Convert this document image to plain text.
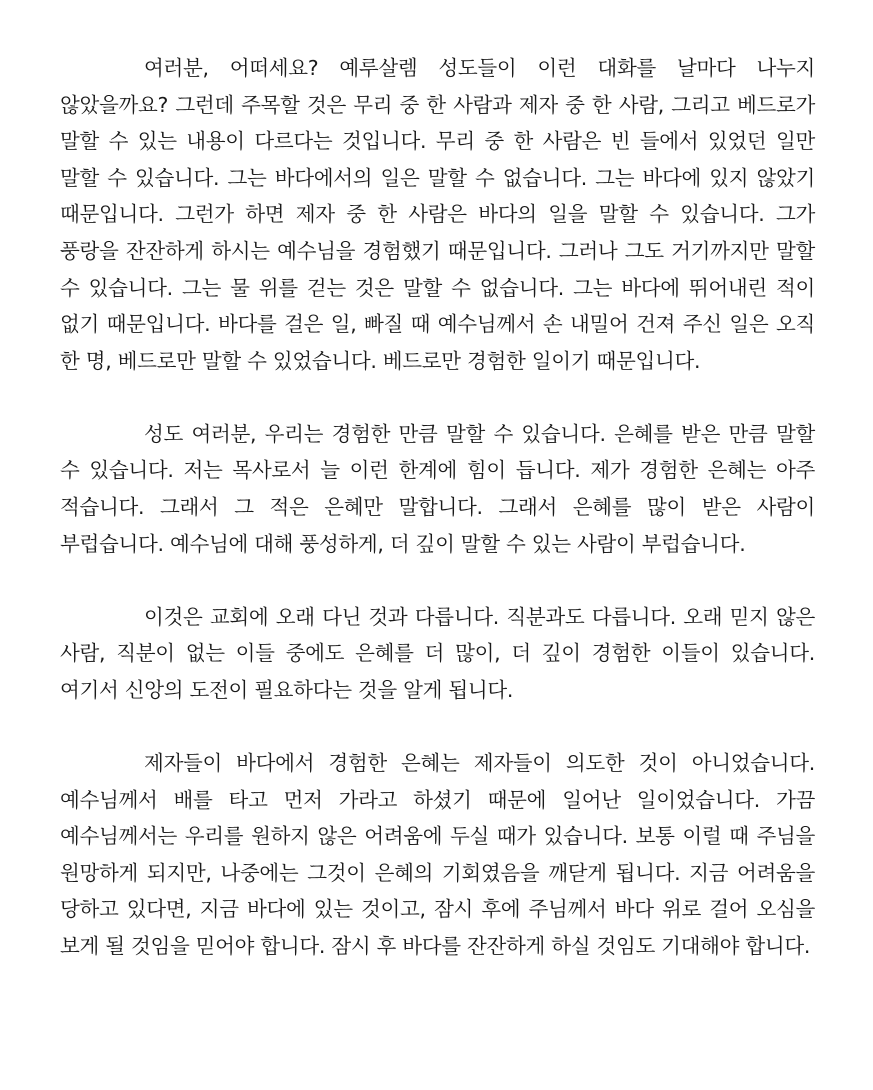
여러분, 어떠세요? 예루살렘 성도들이 이런 대화를 날마다 나누지 않았을까요? 그런데 주목할 것은 무리 중 한 사람과 제자 중 한 사람, 그리고 베드로가 말할 수 있는 내용이 다르다는 것입니다. 무리 중 한 사람은 빈 들에서 있었던 일만 말할 수 있습니다. 그는 바다에서의 일은 말할 수 없습니다. 그는 바다에 있지 않았기 때문입니다. 그런가 하면 제자 중 한 사람은 바다의 일을 말할 수 있습니다. 그가 풍랑을 잔잔하게 하시는 예수님을 경험했기 때문입니다. 그러나 그도 거기까지만 말할 수 있습니다. 그는 물 위를 걷는 것은 말할 수 없습니다. 그는 바다에 뛰어내린 적이 없기 때문입니다. 바다를 걸은 일, 빠질 때 예수님께서 손 내밀어 건져 주신 일은 오직 한 명, 베드로만 말할 수 있었습니다. 베드로만 경험한 일이기 때문입니다.

성도 여러분, 우리는 경험한 만큼 말할 수 있습니다. 은혜를 받은 만큼 말할 수 있습니다. 저는 목사로서 늘 이런 한계에 힘이 듭니다. 제가 경험한 은혜는 아주 적습니다. 그래서 그 적은 은혜만 말합니다. 그래서 은혜를 많이 받은 사람이 부럽습니다. 예수님에 대해 풍성하게, 더 깊이 말할 수 있는 사람이 부럽습니다.

이것은 교회에 오래 다닌 것과 다릅니다. 직분과도 다릅니다. 오래 믿지 않은 사람, 직분이 없는 이들 중에도 은혜를 더 많이, 더 깊이 경험한 이들이 있습니다. 여기서 신앙의 도전이 필요하다는 것을 알게 됩니다.

제자들이 바다에서 경험한 은혜는 제자들이 의도한 것이 아니었습니다. 예수님께서 배를 타고 먼저 가라고 하셨기 때문에 일어난 일이었습니다. 가끔 예수님께서는 우리를 원하지 않은 어려움에 두실 때가 있습니다. 보통 이럴 때 주님을 원망하게 되지만, 나중에는 그것이 은혜의 기회였음을 깨닫게 됩니다. 지금 어려움을 당하고 있다면, 지금 바다에 있는 것이고, 잠시 후에 주님께서 바다 위로 걸어 오심을 보게 될 것임을 믿어야 합니다. 잠시 후 바다를 잔잔하게 하실 것임도 기대해야 합니다.
